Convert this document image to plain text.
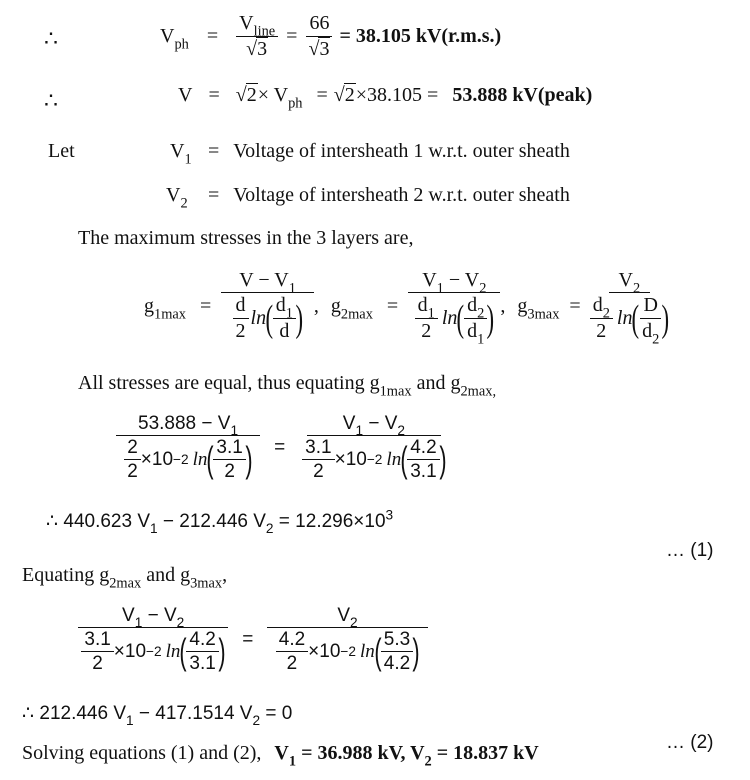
∴	$V_{ph} = \frac{V_{line}}{√3} = \frac{66}{√3} = 38.105$ kV(r.m.s.)
∴	$V = √2\times V_{ph} = √2\times 38.105 = 53.888$ kV(peak)
Let	$V_1$ = Voltage of intersheath 1 w.r.t. outer sheath
$V_2$	= Voltage of intersheath 2 w.r.t. outer sheath
The maximum stresses in the 3 layers are,
$g_{1max} = \frac{V - V_1}{\frac{d}{2} \ln ( \frac{d_1}{d} )}$ , $g_{2max} = \frac{V_1 - V_2}{\frac{d_1}{2} \ln ( \frac{d_2}{d_1} )}$ , $g_{3max} = \frac{V_2}{\frac{d_2}{2} \ln ( \frac{D}{d_2} )}$
All stresses are equal, thus equating $g_{1max}$ and $g_{2max,}$
$\frac{53.888 - V_1}{\frac{2}{2} \times 10 -2 \ln ( \frac{3.1}{2} )} = \frac{V_1 - V_2}{\frac{3.1}{2} \times 10 -2 \ln ( \frac{4.2}{3.1} )}$
∴ 440.623 $V_1 - 212.446$ $V_2 = 12.296\times 10^3$
… (1)
Equating $g_{2max}$ and $g_{3max}$,
$\frac{V_1 - V_2}{\frac{3.1}{2} \times 10 -2 \ln ( \frac{4.2}{3.1} )} = \frac{V_2}{\frac{4.2}{2} \times 10 -2 \ln ( \frac{5.3}{4.2} )}$
∴ 212.446 $V_1 - 417.1514$ $V_2 = 0$
Solving equations (1) and (2), $V_1 = 36.988$ kV, $V_2 = 18.837$ kV	… (2)
